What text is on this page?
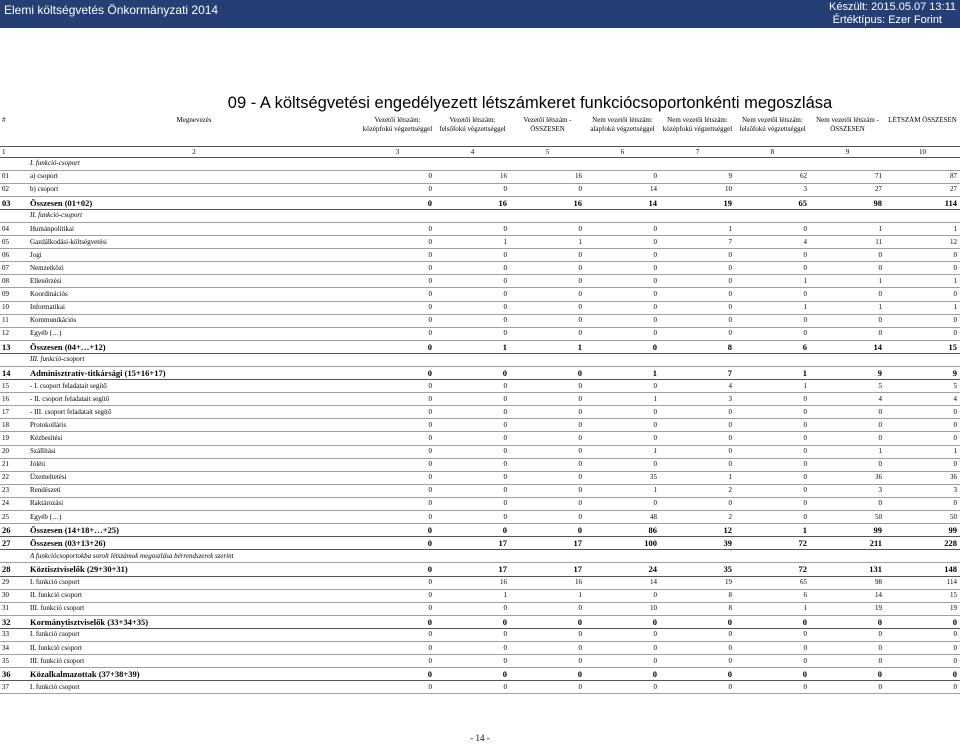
Elemi költségvetés Önkormányzati 2014	Készült: 2015.05.07 13:11
Értéktípus: Ezer Forint
09 - A költségvetési engedélyezett létszámkeret funkciócsoportonkénti megoszlása
#	Megnevezés	Vezetői létszám: középfokú végzettséggel	Vezetői létszám: felsőfokú végzettséggel	Vezetői létszám - ÖSSZESEN	Nem vezetői létszám: alapfokú végzettséggel	Nem vezetői létszám: középfokú végzettséggel	Nem vezetői létszám: felsőfokú végzettséggel	Nem vezetői létszám - ÖSSZESEN	LÉTSZÁM ÖSSZESEN
1	2	3	4	5	6	7	8	9	10
	I. funkció-csoport								
01	a) csoport	0	16	16	0	9	62	71	87
02	b) csoport	0	0	0	14	10	3	27	27
03	Összesen (01+02)	0	16	16	14	19	65	98	114
	II. funkció-csoport								
04	Humánpolitikai	0	0	0	0	1	0	1	1
05	Gazdálkodási-költségvetési	0	1	1	0	7	4	11	12
06	Jogi	0	0	0	0	0	0	0	0
07	Nemzetközi	0	0	0	0	0	0	0	0
08	Ellenőrzési	0	0	0	0	0	1	1	1
09	Koordinációs	0	0	0	0	0	0	0	0
10	Informatikai	0	0	0	0	0	1	1	1
11	Kommunikációs	0	0	0	0	0	0	0	0
12	Egyéb (…)	0	0	0	0	0	0	0	0
13	Összesen (04+…+12)	0	1	1	0	8	6	14	15
	III. funkció-csoport								
14	Adminisztratív-titkársági (15+16+17)	0	0	0	1	7	1	9	9
15	- I. csoport feladatait segítő	0	0	0	0	4	1	5	5
16	- II. csoport feladatait segítő	0	0	0	1	3	0	4	4
17	- III. csoport feladatait segítő	0	0	0	0	0	0	0	0
18	Protokolláris	0	0	0	0	0	0	0	0
19	Kézbesítési	0	0	0	0	0	0	0	0
20	Szállítási	0	0	0	1	0	0	1	1
21	Jóléti	0	0	0	0	0	0	0	0
22	Üzemeltetési	0	0	0	35	1	0	36	36
23	Rendészeti	0	0	0	1	2	0	3	3
24	Raktározási	0	0	0	0	0	0	0	0
25	Egyéb (…)	0	0	0	48	2	0	50	50
26	Összesen (14+18+…+25)	0	0	0	86	12	1	99	99
27	Összesen (03+13+26)	0	17	17	100	39	72	211	228
	A funkciócsoportokba sorolt létszámok megoszlása bérrendszerek szerint								
28	Köztisztviselők (29+30+31)	0	17	17	24	35	72	131	148
29	I. funkció csoport	0	16	16	14	19	65	98	114
30	II. funkció csoport	0	1	1	0	8	6	14	15
31	III. funkció csoport	0	0	0	10	8	1	19	19
32	Kormánytisztviselők (33+34+35)	0	0	0	0	0	0	0	0
33	I. funkció csoport	0	0	0	0	0	0	0	0
34	II. funkció csoport	0	0	0	0	0	0	0	0
35	III. funkció csoport	0	0	0	0	0	0	0	0
36	Közalkalmazottak (37+38+39)	0	0	0	0	0	0	0	0
37	I. funkció csoport	0	0	0	0	0	0	0	0
- 14 -
